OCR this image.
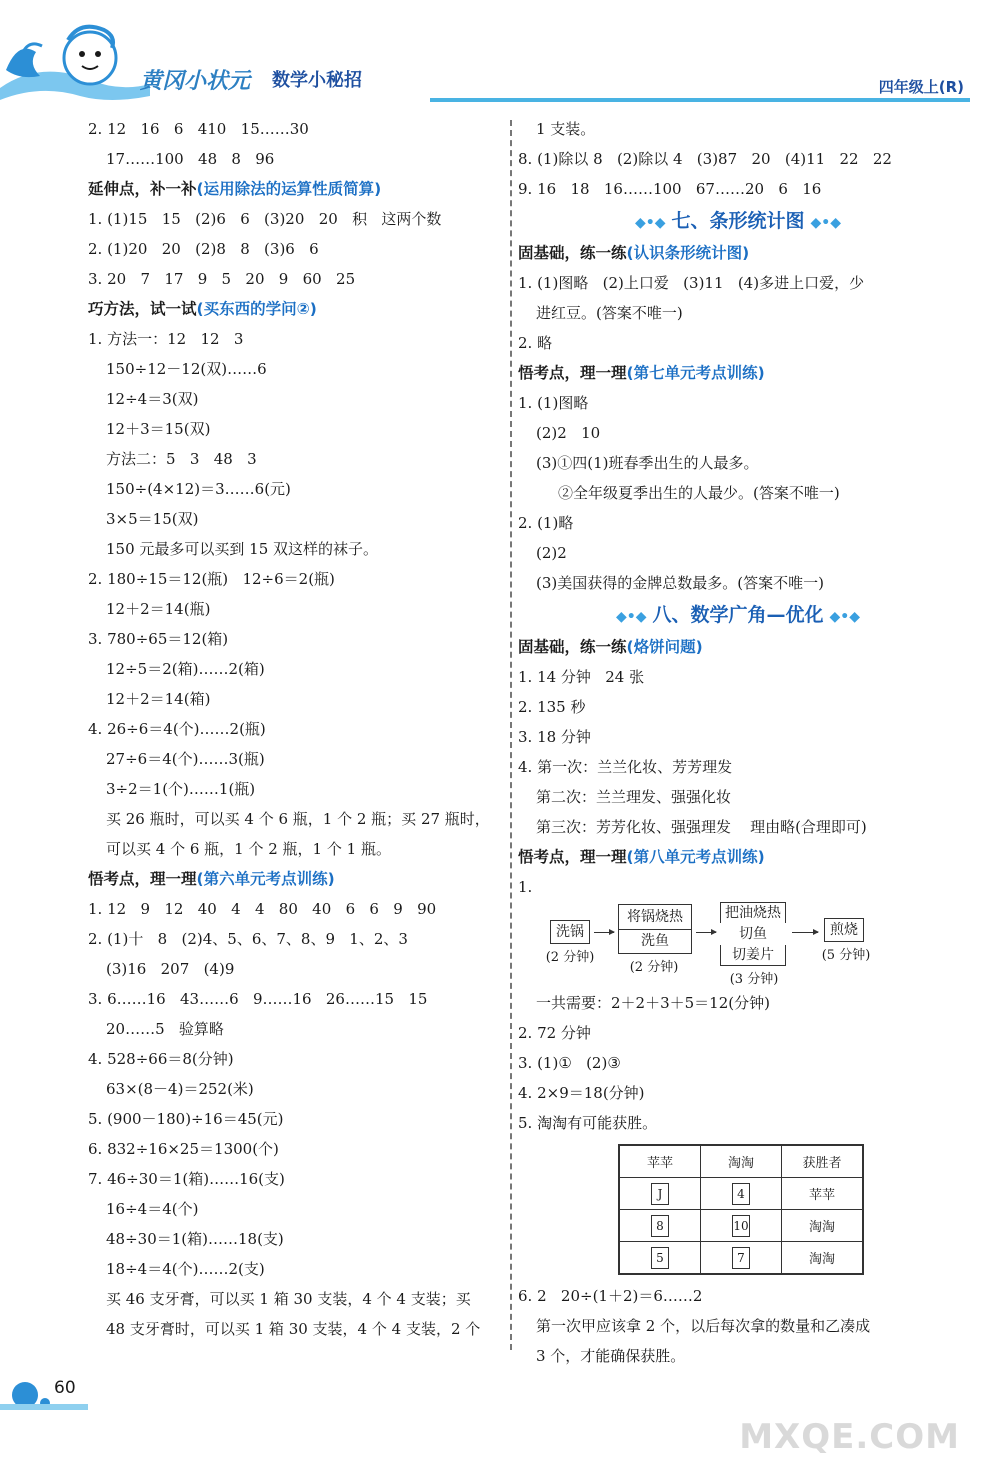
黄冈小状元 数学小秘招	四年级上(R)
2. 12   16   6   410   15……30
17……100   48   8   96
延伸点，补一补(运用除法的运算性质简算)
1. (1)15   15   (2)6   6   (3)20   20   积   这两个数
2. (1)20   20   (2)8   8   (3)6   6
3. 20   7   17   9   5   20   9   60   25
巧方法，试一试(买东西的学问②)
1. 方法一：12   12   3
150÷12－12(双)……6
12÷4＝3(双)
12＋3＝15(双)
方法二：5   3   48   3
150÷(4×12)＝3……6(元)
3×5＝15(双)
150 元最多可以买到 15 双这样的袜子。
2. 180÷15＝12(瓶)   12÷6＝2(瓶)
12＋2＝14(瓶)
3. 780÷65＝12(箱)
12÷5＝2(箱)……2(箱)
12＋2＝14(箱)
4. 26÷6＝4(个)……2(瓶)
27÷6＝4(个)……3(瓶)
3÷2＝1(个)……1(瓶)
买 26 瓶时，可以买 4 个 6 瓶，1 个 2 瓶；买 27 瓶时，
可以买 4 个 6 瓶，1 个 2 瓶，1 个 1 瓶。
悟考点，理一理(第六单元考点训练)
1. 12   9   12   40   4   4   80   40   6   6   9   90
2. (1)十   8   (2)4、5、6、7、8、9   1、2、3
(3)16   207   (4)9
3. 6……16   43……6   9……16   26……15   15
20……5   验算略
4. 528÷66＝8(分钟)
63×(8－4)＝252(米)
5. (900－180)÷16＝45(元)
6. 832÷16×25＝1300(个)
7. 46÷30＝1(箱)……16(支)
16÷4＝4(个)
48÷30＝1(箱)……18(支)
18÷4＝4(个)……2(支)
买 46 支牙膏，可以买 1 箱 30 支装，4 个 4 支装；买
48 支牙膏时，可以买 1 箱 30 支装，4 个 4 支装，2 个
1 支装。
8. (1)除以 8   (2)除以 4   (3)87   20   (4)11   22   22
9. 16   18   16……100   67……20   6   16
◆•◆ 七、条形统计图 ◆•◆
固基础，练一练(认识条形统计图)
1. (1)图略   (2)上口爱   (3)11   (4)多进上口爱，少
进红豆。(答案不唯一)
2. 略
悟考点，理一理(第七单元考点训练)
1. (1)图略
(2)2   10
(3)①四(1)班春季出生的人最多。
②全年级夏季出生的人最少。(答案不唯一)
2. (1)略
(2)2
(3)美国获得的金牌总数最多。(答案不唯一)
◆•◆ 八、数学广角—优化 ◆•◆
固基础，练一练(烙饼问题)
1. 14 分钟   24 张
2. 135 秒
3. 18 分钟
4. 第一次：兰兰化妆、芳芳理发
第二次：兰兰理发、强强化妆
第三次：芳芳化妆、强强理发    理由略(合理即可)
悟考点，理一理(第八单元考点训练)
1.
洗锅
(2 分钟)
将锅烧热
洗鱼
(2 分钟)
把油烧热
切鱼
切姜片
(3 分钟)
煎烧
(5 分钟)
一共需要：2＋2＋3＋5＝12(分钟)
2. 72 分钟
3. (1)①   (2)③
4. 2×9＝18(分钟)
5. 淘淘有可能获胜。
苹苹	淘淘	获胜者
J	4	苹苹
8	10	淘淘
5	7	淘淘
6. 2   20÷(1＋2)＝6……2
第一次甲应该拿 2 个，以后每次拿的数量和乙凑成
3 个，才能确保获胜。
60
MXQE.COM
